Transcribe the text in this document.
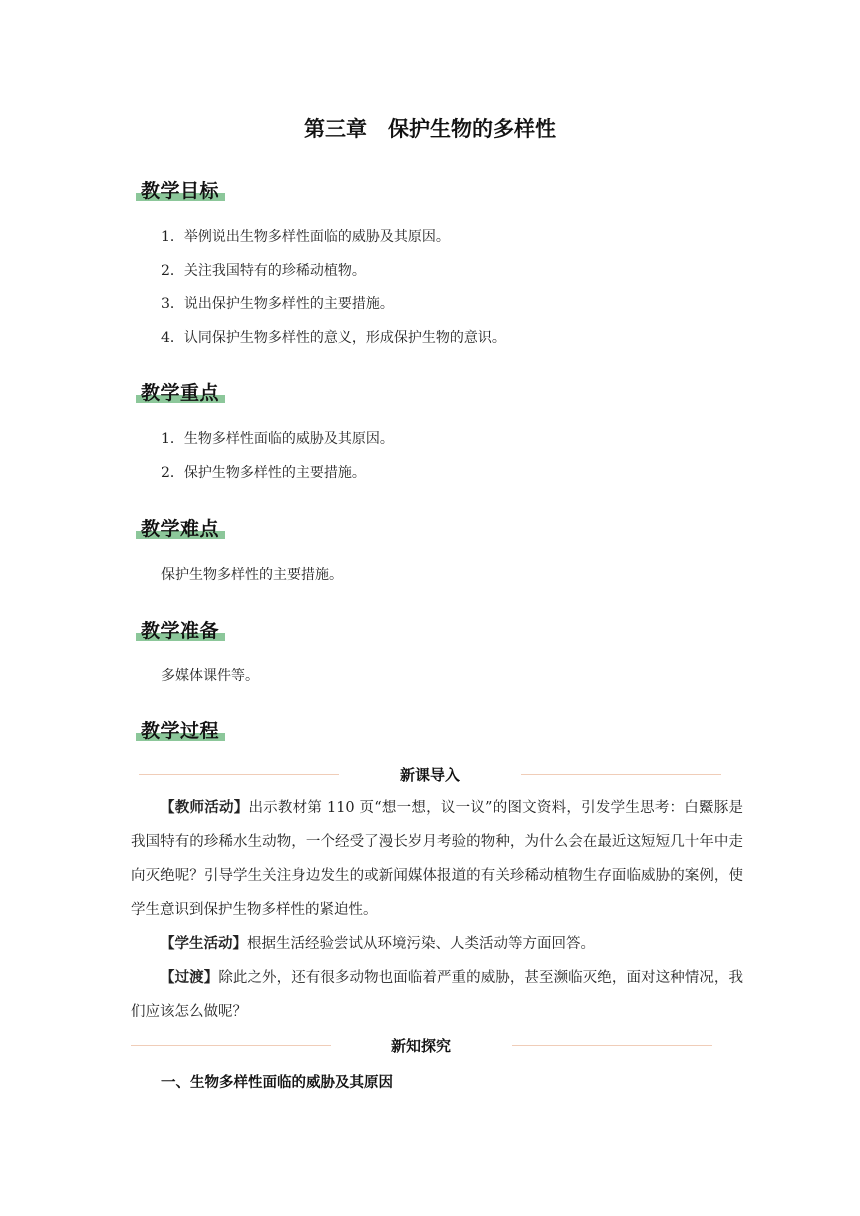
第三章　保护生物的多样性
教学目标
1．举例说出生物多样性面临的威胁及其原因。
2．关注我国特有的珍稀动植物。
3．说出保护生物多样性的主要措施。
4．认同保护生物多样性的意义，形成保护生物的意识。
教学重点
1．生物多样性面临的威胁及其原因。
2．保护生物多样性的主要措施。
教学难点
保护生物多样性的主要措施。
教学准备
多媒体课件等。
教学过程
新课导入
【教师活动】出示教材第 110 页“想一想，议一议”的图文资料，引发学生思考：白鱀豚是我国特有的珍稀水生动物，一个经受了漫长岁月考验的物种，为什么会在最近这短短几十年中走向灭绝呢？引导学生关注身边发生的或新闻媒体报道的有关珍稀动植物生存面临威胁的案例，使学生意识到保护生物多样性的紧迫性。
【学生活动】根据生活经验尝试从环境污染、人类活动等方面回答。
【过渡】除此之外，还有很多动物也面临着严重的威胁，甚至濒临灭绝，面对这种情况，我们应该怎么做呢？
新知探究
一、生物多样性面临的威胁及其原因
